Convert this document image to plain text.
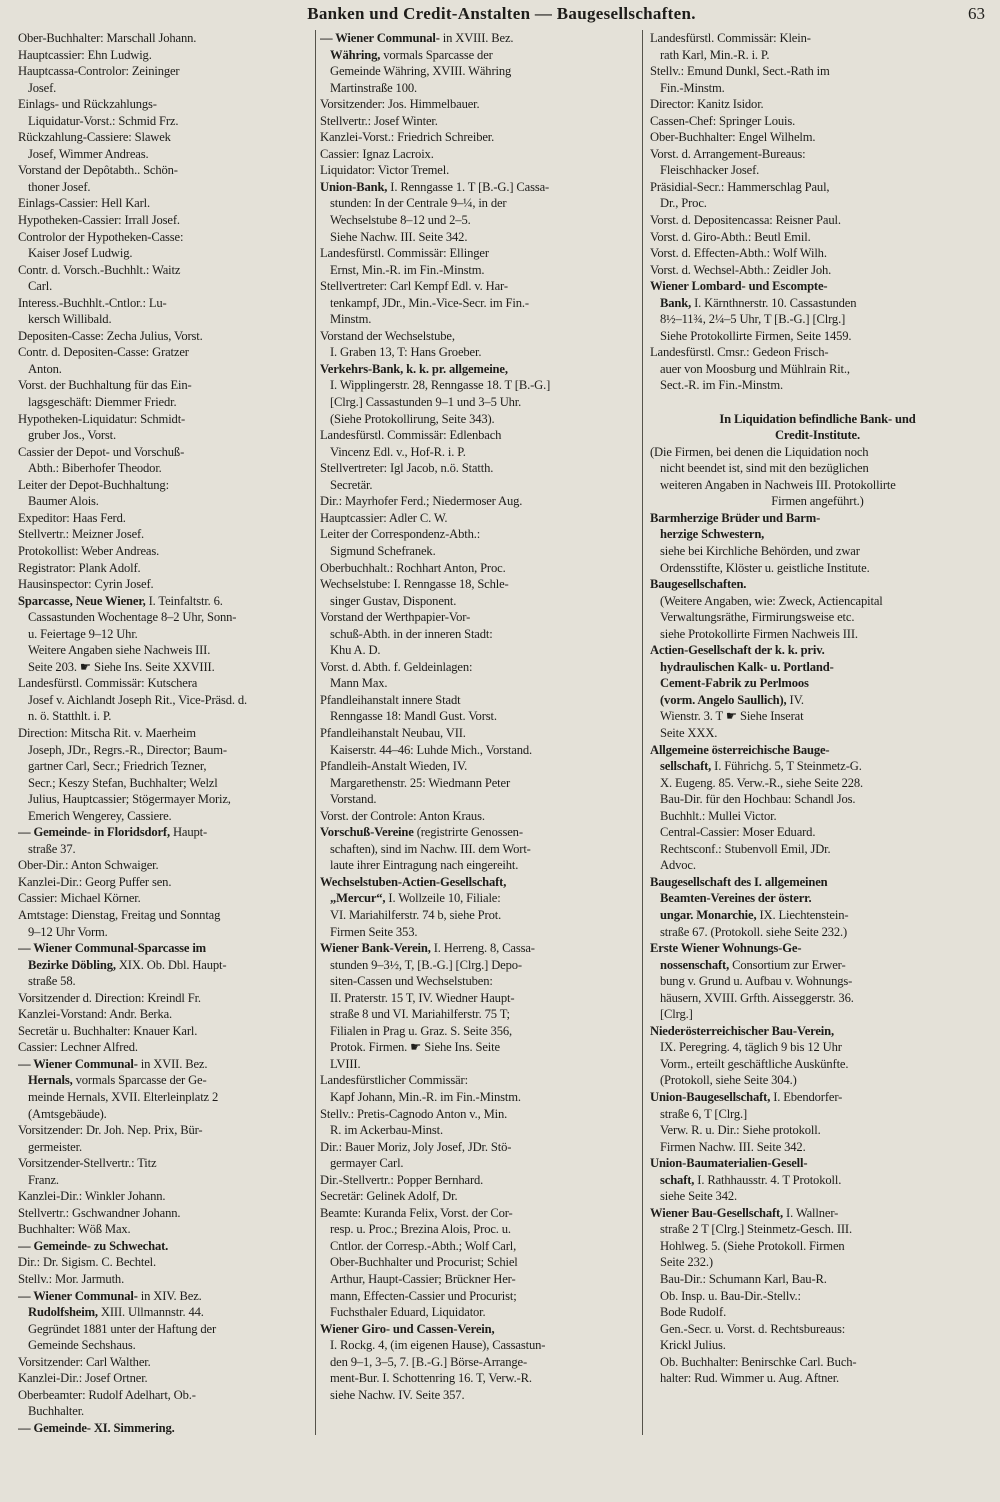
Banken und Credit-Anstalten — Baugesellschaften.	63
Ober-Buchhalter: Marschall Johann.
Hauptcassier: Ehn Ludwig.
Hauptcassa-Controlor: Zeininger
Josef.
Einlags- und Rückzahlungs-
Liquidatur-Vorst.: Schmid Frz.
Rückzahlung-Cassiere: Slawek
Josef, Wimmer Andreas.
Vorstand der Depôtabth.. Schön-
thoner Josef.
Einlags-Cassier: Hell Karl.
Hypotheken-Cassier: Irrall Josef.
Controlor der Hypotheken-Casse:
Kaiser Josef Ludwig.
Contr. d. Vorsch.-Buchhlt.: Waitz
Carl.
Interess.-Buchhlt.-Cntlor.: Lu-
kersch Willibald.
Depositen-Casse: Zecha Julius, Vorst.
Contr. d. Depositen-Casse: Gratzer
Anton.
Vorst. der Buchhaltung für das Ein-
lagsgeschäft: Diemmer Friedr.
Hypotheken-Liquidatur: Schmidt-
gruber Jos., Vorst.
Cassier der Depot- und Vorschuß-
Abth.: Biberhofer Theodor.
Leiter der Depot-Buchhaltung:
Baumer Alois.
Expeditor: Haas Ferd.
Stellvertr.: Meizner Josef.
Protokollist: Weber Andreas.
Registrator: Plank Adolf.
Hausinspector: Cyrin Josef.
Sparcasse, Neue Wiener, I. Teinfaltstr. 6.
Cassastunden Wochentage 8–2 Uhr, Sonn-
u. Feiertage 9–12 Uhr.
Weitere Angaben siehe Nachweis III.
Seite 203. ☛ Siehe Ins. Seite XXVIII.
Landesfürstl. Commissär: Kutschera
Josef v. Aichlandt Joseph Rit., Vice-Präsd. d.
n. ö. Statthlt. i. P.
Direction: Mitscha Rit. v. Maerheim
Joseph, JDr., Regrs.-R., Director; Baum-
gartner Carl, Secr.; Friedrich Tezner,
Secr.; Keszy Stefan, Buchhalter; Welzl
Julius, Hauptcassier; Stögermayer Moriz,
Emerich Wengerey, Cassiere.
— Gemeinde- in Floridsdorf, Haupt-
straße 37.
Ober-Dir.: Anton Schwaiger.
Kanzlei-Dir.: Georg Puffer sen.
Cassier: Michael Körner.
Amtstage: Dienstag, Freitag und Sonntag
9–12 Uhr Vorm.
— Wiener Communal-Sparcasse im
Bezirke Döbling, XIX. Ob. Dbl. Haupt-
straße 58.
Vorsitzender d. Direction: Kreindl Fr.
Kanzlei-Vorstand: Andr. Berka.
Secretär u. Buchhalter: Knauer Karl.
Cassier: Lechner Alfred.
— Wiener Communal- in XVII. Bez.
Hernals, vormals Sparcasse der Ge-
meinde Hernals, XVII. Elterleinplatz 2
(Amtsgebäude).
Vorsitzender: Dr. Joh. Nep. Prix, Bür-
germeister.
Vorsitzender-Stellvertr.: Titz
Franz.
Kanzlei-Dir.: Winkler Johann.
Stellvertr.: Gschwandner Johann.
Buchhalter: Wöß Max.
— Gemeinde- zu Schwechat.
Dir.: Dr. Sigism. C. Bechtel.
Stellv.: Mor. Jarmuth.
— Wiener Communal- in XIV. Bez.
Rudolfsheim, XIII. Ullmannstr. 44.
Gegründet 1881 unter der Haftung der
Gemeinde Sechshaus.
Vorsitzender: Carl Walther.
Kanzlei-Dir.: Josef Ortner.
Oberbeamter: Rudolf Adelhart, Ob.-
Buchhalter.
— Gemeinde- XI. Simmering.
— Wiener Communal- in XVIII. Bez.
Währing, vormals Sparcasse der
Gemeinde Währing, XVIII. Währing
Martinstraße 100.
Vorsitzender: Jos. Himmelbauer.
Stellvertr.: Josef Winter.
Kanzlei-Vorst.: Friedrich Schreiber.
Cassier: Ignaz Lacroix.
Liquidator: Victor Tremel.
Union-Bank, I. Renngasse 1. T [B.-G.] Cassa-
stunden: In der Centrale 9–¼, in der
Wechselstube 8–12 und 2–5.
Siehe Nachw. III. Seite 342.
Landesfürstl. Commissär: Ellinger
Ernst, Min.-R. im Fin.-Minstm.
Stellvertreter: Carl Kempf Edl. v. Har-
tenkampf, JDr., Min.-Vice-Secr. im Fin.-
Minstm.
Vorstand der Wechselstube,
I. Graben 13, T: Hans Groeber.
Verkehrs-Bank, k. k. pr. allgemeine,
I. Wipplingerstr. 28, Renngasse 18. T [B.-G.]
[Clrg.] Cassastunden 9–1 und 3–5 Uhr.
(Siehe Protokollirung, Seite 343).
Landesfürstl. Commissär: Edlenbach
Vincenz Edl. v., Hof-R. i. P.
Stellvertreter: Igl Jacob, n.ö. Statth.
Secretär.
Dir.: Mayrhofer Ferd.; Niedermoser Aug.
Hauptcassier: Adler C. W.
Leiter der Correspondenz-Abth.:
Sigmund Schefranek.
Oberbuchhalt.: Rochhart Anton, Proc.
Wechselstube: I. Renngasse 18, Schle-
singer Gustav, Disponent.
Vorstand der Werthpapier-Vor-
schuß-Abth. in der inneren Stadt:
Khu A. D.
Vorst. d. Abth. f. Geldeinlagen:
Mann Max.
Pfandleihanstalt innere Stadt
Renngasse 18: Mandl Gust. Vorst.
Pfandleihanstalt Neubau, VII.
Kaiserstr. 44–46: Luhde Mich., Vorstand.
Pfandleih-Anstalt Wieden, IV.
Margarethenstr. 25: Wiedmann Peter
Vorstand.
Vorst. der Controle: Anton Kraus.
Vorschuß-Vereine (registrirte Genossen-
schaften), sind im Nachw. III. dem Wort-
laute ihrer Eintragung nach eingereiht.
Wechselstuben-Actien-Gesellschaft,
„Mercur“, I. Wollzeile 10, Filiale:
VI. Mariahilferstr. 74 b, siehe Prot.
Firmen Seite 353.
Wiener Bank-Verein, I. Herreng. 8, Cassa-
stunden 9–3½, T, [B.-G.] [Clrg.] Depo-
siten-Cassen und Wechselstuben:
II. Praterstr. 15 T, IV. Wiedner Haupt-
straße 8 und VI. Mariahilferstr. 75 T;
Filialen in Prag u. Graz. S. Seite 356,
Protok. Firmen. ☛ Siehe Ins. Seite
LVIII.
Landesfürstlicher Commissär:
Kapf Johann, Min.-R. im Fin.-Minstm.
Stellv.: Pretis-Cagnodo Anton v., Min.
R. im Ackerbau-Minst.
Dir.: Bauer Moriz, Joly Josef, JDr. Stö-
germayer Carl.
Dir.-Stellvertr.: Popper Bernhard.
Secretär: Gelinek Adolf, Dr.
Beamte: Kuranda Felix, Vorst. der Cor-
resp. u. Proc.; Brezina Alois, Proc. u.
Cntlor. der Corresp.-Abth.; Wolf Carl,
Ober-Buchhalter und Procurist; Schiel
Arthur, Haupt-Cassier; Brückner Her-
mann, Effecten-Cassier und Procurist;
Fuchsthaler Eduard, Liquidator.
Wiener Giro- und Cassen-Verein,
I. Rockg. 4, (im eigenen Hause), Cassastun-
den 9–1, 3–5, 7. [B.-G.] Börse-Arrange-
ment-Bur. I. Schottenring 16. T, Verw.-R.
siehe Nachw. IV. Seite 357.
Landesfürstl. Commissär: Klein-
rath Karl, Min.-R. i. P.
Stellv.: Emund Dunkl, Sect.-Rath im
Fin.-Minstm.
Director: Kanitz Isidor.
Cassen-Chef: Springer Louis.
Ober-Buchhalter: Engel Wilhelm.
Vorst. d. Arrangement-Bureaus:
Fleischhacker Josef.
Präsidial-Secr.: Hammerschlag Paul,
Dr., Proc.
Vorst. d. Depositencassa: Reisner Paul.
Vorst. d. Giro-Abth.: Beutl Emil.
Vorst. d. Effecten-Abth.: Wolf Wilh.
Vorst. d. Wechsel-Abth.: Zeidler Joh.
Wiener Lombard- und Escompte-
Bank, I. Kärnthnerstr. 10. Cassastunden
8½–11¾, 2¼–5 Uhr, T [B.-G.] [Clrg.]
Siehe Protokollirte Firmen, Seite 1459.
Landesfürstl. Cmsr.: Gedeon Frisch-
auer von Moosburg und Mühlrain Rit.,
Sect.-R. im Fin.-Minstm.

In Liquidation befindliche Bank- und
Credit-Institute.
(Die Firmen, bei denen die Liquidation noch
nicht beendet ist, sind mit den bezüglichen
weiteren Angaben in Nachweis III. Protokollirte
Firmen angeführt.)
Barmherzige Brüder und Barm-
herzige Schwestern,
siehe bei Kirchliche Behörden, und zwar
Ordensstifte, Klöster u. geistliche Institute.
Baugesellschaften.
(Weitere Angaben, wie: Zweck, Actiencapital
Verwaltungsräthe, Firmirungsweise etc.
siehe Protokollirte Firmen Nachweis III.
Actien-Gesellschaft der k. k. priv.
hydraulischen Kalk- u. Portland-
Cement-Fabrik zu Perlmoos
(vorm. Angelo Saullich), IV.
Wienstr. 3. T ☛ Siehe Inserat
Seite XXX.
Allgemeine österreichische Bauge-
sellschaft, I. Führichg. 5, T Steinmetz-G.
X. Eugeng. 85. Verw.-R., siehe Seite 228.
Bau-Dir. für den Hochbau: Schandl Jos.
Buchhlt.: Mullei Victor.
Central-Cassier: Moser Eduard.
Rechtsconf.: Stubenvoll Emil, JDr.
Advoc.
Baugesellschaft des I. allgemeinen
Beamten-Vereines der österr.
ungar. Monarchie, IX. Liechtenstein-
straße 67. (Protokoll. siehe Seite 232.)
Erste Wiener Wohnungs-Ge-
nossenschaft, Consortium zur Erwer-
bung v. Grund u. Aufbau v. Wohnungs-
häusern, XVIII. Grfth. Aisseggerstr. 36.
[Clrg.]
Niederösterreichischer Bau-Verein,
IX. Peregring. 4, täglich 9 bis 12 Uhr
Vorm., erteilt geschäftliche Auskünfte.
(Protokoll, siehe Seite 304.)
Union-Baugesellschaft, I. Ebendorfer-
straße 6, T [Clrg.]
Verw. R. u. Dir.: Siehe protokoll.
Firmen Nachw. III. Seite 342.
Union-Baumaterialien-Gesell-
schaft, I. Rathhausstr. 4. T Protokoll.
siehe Seite 342.
Wiener Bau-Gesellschaft, I. Wallner-
straße 2 T [Clrg.] Steinmetz-Gesch. III.
Hohlweg. 5. (Siehe Protokoll. Firmen
Seite 232.)
Bau-Dir.: Schumann Karl, Bau-R.
Ob. Insp. u. Bau-Dir.-Stellv.:
Bode Rudolf.
Gen.-Secr. u. Vorst. d. Rechtsbureaus:
Krickl Julius.
Ob. Buchhalter: Benirschke Carl. Buch-
halter: Rud. Wimmer u. Aug. Aftner.
